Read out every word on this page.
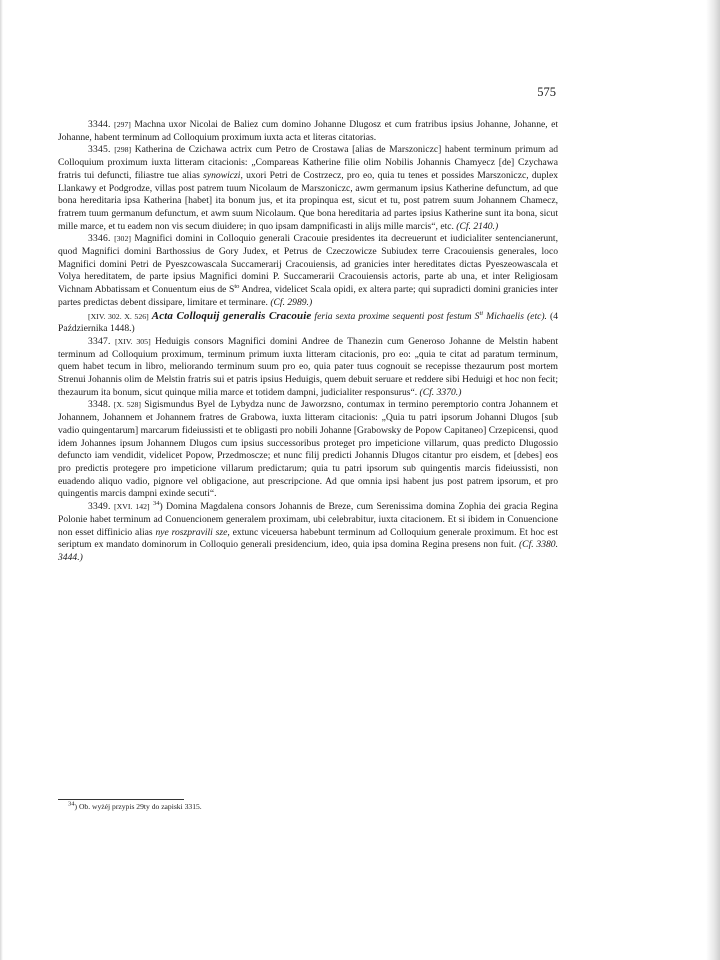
575

3344. [297] Machna uxor Nicolai de Baliez cum domino Johanne Dlugosz et cum fratribus ipsius Johanne, Johanne, et Johanne, habent terminum ad Colloquium proximum iuxta acta et literas citatorias.

3345. [298] Katherina de Czichawa actrix cum Petro de Crostawa [alias de Marszoniczc] habent terminum primum ad Colloquium proximum iuxta litteram citacionis: „Compareas Katherine filie olim Nobilis Johannis Chamyecz [de] Czychawa fratris tui defuncti, filiastre tue alias synowiczi, uxori Petri de Costrzecz, pro eo, quia tu tenes et possides Marszoniczc, duplex Llankawy et Podgrodze, villas post patrem tuum Nicolaum de Marszoniczc, awm germanum ipsius Katherine defunctum, ad que bona hereditaria ipsa Katherina [habet] ita bonum jus, et ita propinqua est, sicut et tu, post patrem suum Johannem Chamecz, fratrem tuum germanum defunctum, et awm suum Nicolaum. Que bona hereditaria ad partes ipsius Katherine sunt ita bona, sicut mille marce, et tu eadem non vis secum diuidere; in quo ipsam dampnificasti in alijs mille marcis“, etc. (Cf. 2140.)

3346. [302] Magnifici domini in Colloquio generali Cracouie presidentes ita decreuerunt et iudicialiter sentencianerunt, quod Magnifici domini Barthossius de Gory Judex, et Petrus de Czeczowicze Subiudex terre Cracouiensis generales, loco Magnifici domini Petri de Pyeszcowascala Succamerarij Cracouiensis, ad granicies inter hereditates dictas Pyeszeowascala et Volya hereditatem, de parte ipsius Magnifici domini P. Succamerarii Cracouiensis actoris, parte ab una, et inter Religiosam Vichnam Abbatissam et Conuentum eius de $S^{to}$ Andrea, videlicet Scala opidi, ex altera parte; qui supradicti domini granicies inter partes predictas debent dissipare, limitare et terminare. (Cf. 2989.)

[XIV. 302. X. 526] Acta Colloquij generalis Cracouie feria sexta proxime sequenti post festum $S^{ti}$ Michaelis (etc). (4 Października 1448.)

3347. [XIV. 305] Heduigis consors Magnifici domini Andree de Thanezin cum Generoso Johanne de Melstin habent terminum ad Colloquium proximum, terminum primum iuxta litteram citacionis, pro eo: „quia te citat ad paratum terminum, quem habet tecum in libro, meliorando terminum suum pro eo, quia pater tuus cognouit se recepisse thezaurum post mortem Strenui Johannis olim de Melstin fratris sui et patris ipsius Heduigis, quem debuit seruare et reddere sibi Heduigi et hoc non fecit; thezaurum ita bonum, sicut quinque milia marce et totidem dampni, judicialiter responsurus“. (Cf. 3370.)

3348. [X. 528] Sigismundus Byel de Lybydza nunc de Jaworzsno, contumax in termino peremptorio contra Johannem et Johannem, Johannem et Johannem fratres de Grabowa, iuxta litteram citacionis: „Quia tu patri ipsorum Johanni Dlugos [sub vadio quingentarum] marcarum fideiussisti et te obligasti pro nobili Johanne [Grabowsky de Popow Capitaneo] Crzepicensi, quod idem Johannes ipsum Johannem Dlugos cum ipsius successoribus proteget pro impeticione villarum, quas predicto Dlugossio defuncto iam vendidit, videlicet Popow, Przedmoscze; et nunc filij predicti Johannis Dlugos citantur pro eisdem, et [debes] eos pro predictis protegere pro impeticione villarum predictarum; quia tu patri ipsorum sub quingentis marcis fideiussisti, non euadendo aliquo vadio, pignore vel obligacione, aut prescripcione. Ad que omnia ipsi habent jus post patrem ipsorum, et pro quingentis marcis dampni exinde secuti“.

3349. [XVI. 142] $^{34}$) Domina Magdalena consors Johannis de Breze, cum Serenissima domina Zophia dei gracia Regina Polonie habet terminum ad Conuencionem generalem proximam, ubi celebrabitur, iuxta citacionem. Et si ibidem in Conuencione non esset diffinicio alias nye roszpravili sze, extunc viceuersa habebunt terminum ad Colloquium generale proximum. Et hoc est seriptum ex mandato dominorum in Colloquio generali presidencium, ideo, quia ipsa domina Regina presens non fuit. (Cf. 3380. 3444.)

34) Ob. wyżéj przypis 29ty do zapiski 3315.
